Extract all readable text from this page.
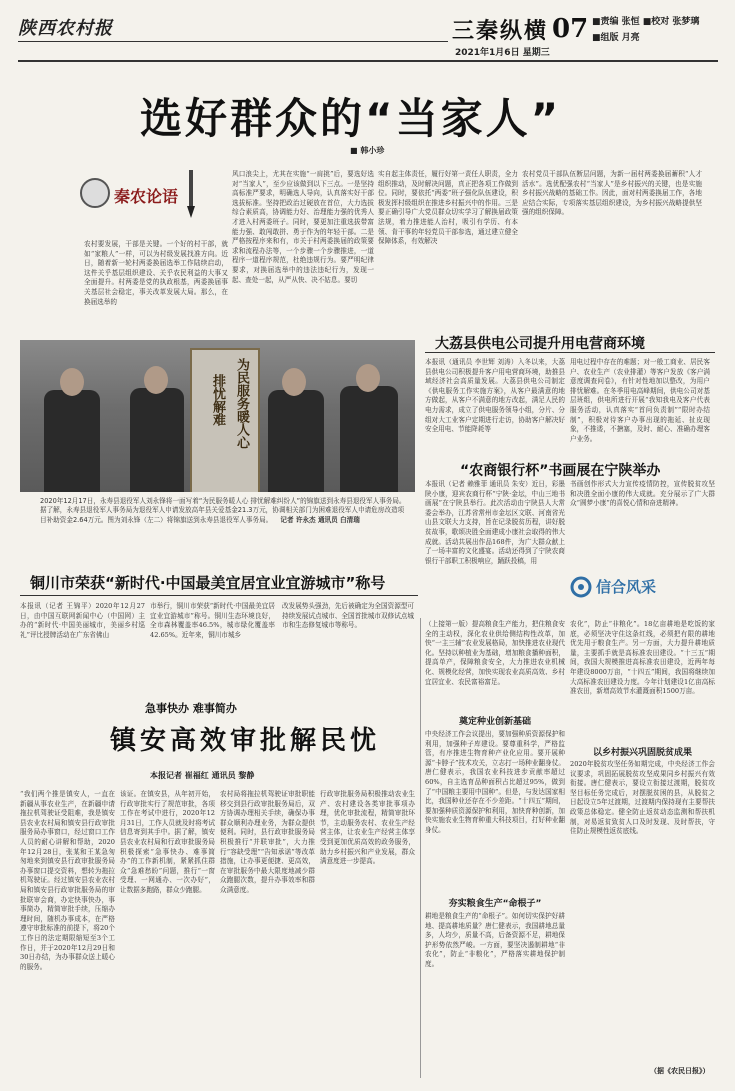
陕西农村报	三秦纵横 07 ■责编 张恒 ■校对 张梦璃
■组版 月亮
2021年1月6日 星期三
选好群众的“当家人”
■ 韩小珍
秦农论语
农村要发展，干部是关键。一个好的村干部，就如“家粮人”一样，可以为村级发展找准方向。近日，随着新一轮村两委换届选举工作陆续启动，这件关乎基层组织建设、关乎农民利益的大事又全面提升。村两委是党的执政根基，两委换届事关基层社会稳定，事关改革发展大局。那么，在换届选举的
风口浪尖上，尤其在实施“一肩挑”后，要选好选对“当家人”，至少应该做到以下三点。一是坚持高标准严要求，明确选人导向，认真落实好干部选拔标准。坚持把政治过硬放在首位，大力选拔综合素质高，协调能力好、治理能力强的优秀人才进入村两委班子。同时，要更加注重选拔带富能力强、敢闯敢拼、勇于作为的年轻干部。二是严格按程序来和有，市关于村两委换届的政策要求和流程办法等，一个步骤一个步骤推进，一道程序一道程序规范，杜绝违规行为。要严明纪律要求，对换届选举中的违法违纪行为，发现一起、查处一起，从严从快、决不姑息。要切
实自起主体责任，履行好第一责任人职责，全力组织推动，及时解决问题，真正把各项工作做到位。同时，要依托“两委”班子强化队伍建设，积极发挥村级组织在推进乡村振兴中的作用。三是要正确引导广大党员群众切实学习了解换届政策法规，着力推进能人治村，吸引有学历、有本领、肯干事的年轻党员干部参选，通过建立健全保障体系，有效解决
农村党员干部队伍断层问题，为新一届村两委换届蓄积“人才活水”。选优配强农村“当家人”是乡村振兴的关键，也是实施乡村振兴战略的基础工作。因此，面对村两委换届工作，各地应结合实际，专项落实基层组织建设，为乡村振兴战略提供坚强的组织保障。
为民服务暖人心
排忧解难
2020年12月17日，永寿县退役军人刘永锋将一面写着“为民服务暖人心 排忧解难纠纷人”的锦旗送到永寿县退役军人事务局。据了解，永寿县退役军人事务局为退役军人申请发放高年县关爱基金21.3万元，协调相关部门为困难退役军人申请危房改造项目补助资金2.64万元。图为刘永锋（左二）将锦旗送到永寿县退役军人事务局。 记者 许永杰 通讯员 白清瑞
大荔县供电公司提升用电营商环境
本报讯（通讯员 李世辉 刘涛）入冬以来，大荔县供电公司积极提升客户用电营商环境，助推县域经济社会高质量发展。大荔县供电公司制定《供电服务工作实施方案》，从客户最满意的地方做起，从客户不满意的地方改起，满足人民的电力需求，成立了供电服务领导小组，分片、分组对大工业客户定期进行走访，协助客户解决好安全用电、节能降耗等
用电过程中存在的难题；对一般工商业、居民客户、农业生产（农业排灌）等客户发放《客户满意度调查问卷》，有针对性地加以整改，为用户排忧解难。在冬季用电高峰期间，供电公司对基层班组，供电所进行开展“我知我电及客户代表服务活动，认真落实“首问负责制”“限时办结制”，积极对待客户办事出现的拖延、扯皮现象，不推诿，不搪塞，及时、耐心、准确办理客户业务。
“农商银行杯”书画展在宁陕举办
本报讯（记者 赖雅菲 通讯员 朱安）近日，彩墨陕小康，迎宾农商行杯“宁陕·金坛，中山三地书画展”在宁陕县举行。此次活动由宁陕县人大常委会举办，江苏省常州市金坛区文联、河南省光山县文联大力支持，旨在记录脱贫历程，讲好脱贫故事，歌颂决胜全面建成小康社会取得的伟大成就。活动共展出作品168件，为广大群众献上了一场丰富的文化盛宴。活动还得到了宁陕农商银行干部职工积极响应，踊跃投稿，用
书画创作形式大力宣传疫情防控，宣传脱贫攻坚和决胜全面小康的伟大成就。充分展示了广大群众“圆梦小康”的喜悦心情和奋进精神。
信合风采
铜川市荣获“新时代·中国最美宜居宜业宜游城市”称号
本报讯（记者 王锦平）2020年12月27日，由中国互联网新闻中心（中国网）主办的“新时代·中国美丽城市，美丽乡村巡礼”评比授牌活动在广东省佛山
市举行，铜川市荣获“新时代·中国最美宜居宜业宜游城市”称号。铜川生态环境良好，全市森林覆盖率46.5%，城市绿化覆盖率42.65%。近年来，铜川市城乡
改发展势头强劲，先后被确定为全国资源型可持续发展试点城市、全国首批城市双修试点城市和生态修复城市等称号。
急事快办 难事简办
镇安高效审批解民忧
本报记者 崔福红 通讯员 黎静
“我们两个推是镇安人，一直在新疆从事农业生产，在新疆申请拖拉机驾驶证受阻难，我是镇安县农业农村局和镇安县行政审批服务局办事窗口，经过窗口工作人员的耐心讲解和帮助，2020年12月28日，张某和王某急匆匆地来到镇安县行政审批服务局办事窗口提交资料，想转为拖拉机驾驶证。经过镇安县农业农村局和镇安县行政审批服务局的审批联审会商，办定快事快办，事事简办，精简审批手续，压缩办理时间，随机办事成本，在严格遵守审批标准的前提下，将20个工作日的法定期限缩短至3个工作日，并于2020年12月29日和30日办结，为办事群众送上暖心的服务。
该证。在镇安县，从年初开始，行政审批实行了规范审批，各项工作在考试中进行，2020年12月31日，工作人员就及时将考试信息寄到其手中。据了解，镇安县农业农村局和行政审批服务局积极探索“急事快办、难事简办”的工作新机制，紧紧抓住群众“急难愁盼”问题，推行“一窗受理、一网通办、一次办好”，让数据多跑路，群众少跑腿。
农村局将拖拉机驾驶证审批职能移交到县行政审批服务局后，双方协调办理相关手续，确保办事群众顺利办理业务，为群众提供便利。同时，县行政审批服务局积极推行“并联审批”，大力推行“容缺受理”“告知承诺”等改革措施，让办事更便捷、更高效，在审批服务中最大限度地减少群众跑腿次数，提升办事效率和群众满意度。
行政审批服务局积极推动农业生产、农村建设各类审批事项办理，优化审批流程，精简审批环节，主动服务农村、农业生产经营主体，让农业生产经营主体享受到更加优质高效的政务服务，助力乡村振兴和产业发展，群众满意度进一步提高。
（上接第一版）提高粮食生产能力，把住粮食安全的主动权，深化农业供给侧结构性改革，加快“一主三辅”农业发展格局，加快推进农业现代化。坚持以种植业为基础，增加粮食播种面积，提高单产，保障粮食安全，大力推进农业机械化、规模化经营，加快实现农业高质高效、乡村宜居宜业、农民富裕富足。
农化”，防止“非粮化”。18亿亩耕地是吃饭的家底，必须坚决守住这条红线，必须把有限的耕地优先用于粮食生产。另一方面，大力提升耕地质量，主要抓手就是高标准农田建设。“十三五”期间，我国大规模推进高标准农田建设，近两年每年建设8000万亩，“十四五”期间，我国将继续加大高标准农田建设力度。今年计划建设1亿亩高标准农田，新增高效节水灌溉面积1500万亩。
奠定种业创新基础
中央经济工作会议提出，要加强种质资源保护和利用，加强种子库建设。要尊重科学，严格监管，有序推进生物育种产业化应用。要开展种源“卡脖子”技术攻关，立志打一场种业翻身仗。唐仁健表示，我国农业科技进步贡献率超过60%，自主选育品种面积占比超过95%，做到了“中国粮主要用中国种”。但是，与发达国家相比，我国种业还存在不少差距。“十四五”期间，要加强种质资源保护和利用，加快育种创新，加快实施农业生物育种重大科技项目，打好种业翻身仗。
以乡村振兴巩固脱贫成果
2020年脱贫攻坚任务如期完成，中央经济工作会议要求，巩固拓展脱贫攻坚成果同乡村振兴有效衔接。唐仁健表示，要设立衔接过渡期，脱贫攻坚目标任务完成后，对摆脱贫困的县，从脱贫之日起设立5年过渡期，过渡期内保持现有主要帮扶政策总体稳定。健全防止返贫动态监测和帮扶机制，对易返贫致贫人口及时发现、及时帮扶，守住防止规模性返贫底线。
夯实粮食生产“命根子”
耕地是粮食生产的“命根子”。如何切实保护好耕地、提高耕地质量？唐仁健表示，我国耕地总量多，人均少，质量不高，后备资源不足，耕地保护形势依然严峻。一方面，要坚决遏制耕地“非农化”，防止“非粮化”，严格落实耕地保护制度。
（据《农民日报》）
